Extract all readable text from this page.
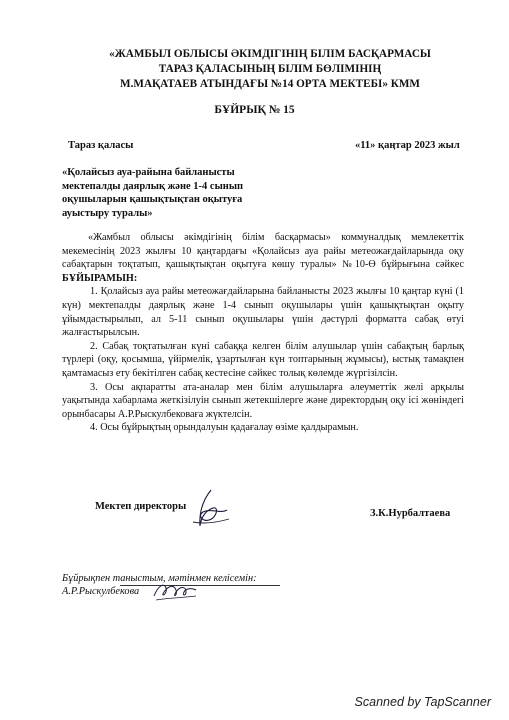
«ЖАМБЫЛ ОБЛЫСЫ ӘКІМДІГІНІҢ БІЛІМ БАСҚАРМАСЫ
ТАРАЗ ҚАЛАСЫНЫҢ БІЛІМ БӨЛІМІНІҢ
М.МАҚАТАЕВ АТЫНДАҒЫ №14 ОРТА МЕКТЕБІ» КММ
БҰЙРЫҚ № 15
Тараз қаласы	«11» қаңтар 2023 жыл
«Қолайсыз ауа-райына байланысты
мектепалды даярлық және 1-4 сынып
оқушыларын қашықтықтан оқытуға
ауыстыру туралы»

«Жамбыл облысы әкімдігінің білім басқармасы» коммуналдық мемлекеттік мекемесінің 2023 жылғы 10 қаңтардағы «Қолайсыз ауа райы метеожағдайларында оқу сабақтарын тоқтатып, қашықтықтан оқытуға көшу туралы» №10-Ө бұйрығына сәйкес БҰЙЫРАМЫН:

1. Қолайсыз ауа райы метеожағдайларына байланысты 2023 жылғы 10 қаңтар күні (1 күн) мектепалды даярлық және 1-4 сынып оқушылары үшін қашықтықтан оқыту ұйымдастырылып, ал 5-11 сынып оқушылары үшін дәстүрлі форматта сабақ өтуі жалғастырылсын.

2. Сабақ тоқтатылған күні сабаққа келген білім алушылар үшін сабақтың барлық түрлері (оқу, қосымша, үйірмелік, ұзартылған күн топтарының жұмысы), ыстық тамақпен қамтамасыз ету бекітілген сабақ кестесіне сәйкес толық көлемде жүргізілсін.

3. Осы ақпаратты ата-аналар мен білім алушыларға әлеуметтік желі арқылы уақытында хабарлама жеткізілуін сынып жетекшілерге және директордың оқу ісі жөніндегі орынбасары А.Р.Рыскулбековаға жүктелсін.

4. Осы бұйрықтың орындалуын қадағалау өзіме қалдырамын.

Мектеп директоры
З.К.Нурбалтаева
Бұйрықпен таныстым, мәтінмен келісемін:
А.Р.Рыскулбекова
Scanned by TapScanner
